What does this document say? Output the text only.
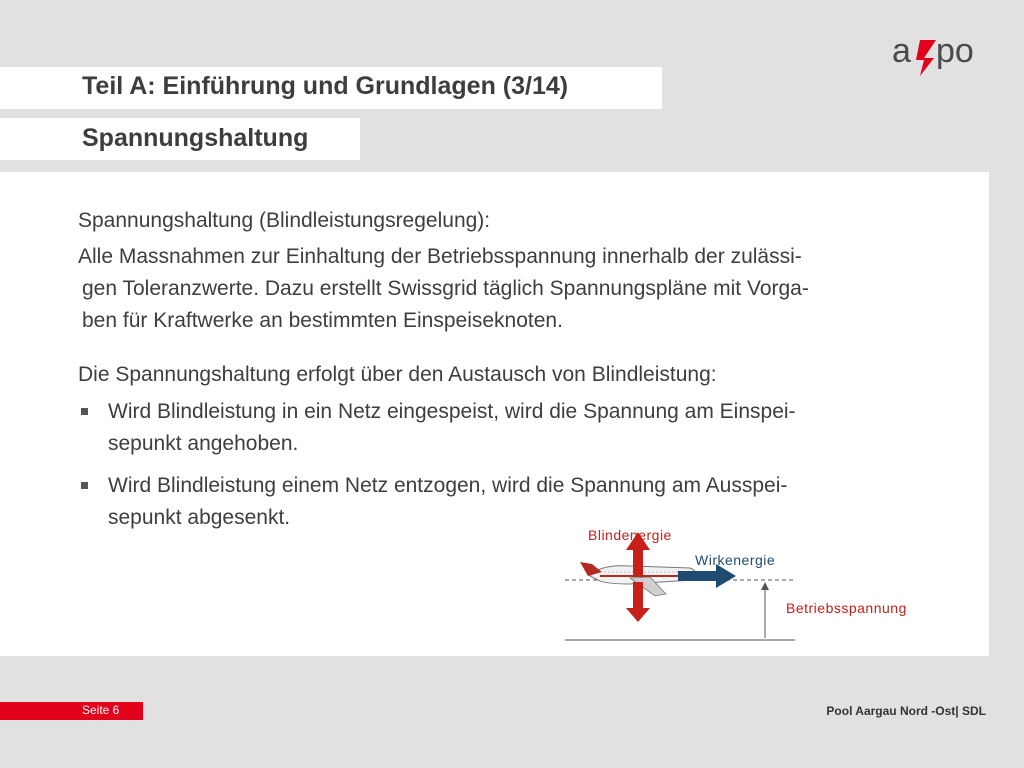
a po
Teil A: Einführung und Grundlagen (3/14)
Spannungshaltung
Spannungshaltung (Blindleistungsregelung):
Alle Massnahmen zur Einhaltung der Betriebsspannung innerhalb der zulässi-
gen Toleranzwerte. Dazu erstellt Swissgrid täglich Spannungspläne mit Vorga-
ben für Kraftwerke an bestimmten Einspeiseknoten.
Die Spannungshaltung erfolgt über den Austausch von Blindleistung:
Wird Blindleistung in ein Netz eingespeist, wird die Spannung am Einspei-
sepunkt angehoben.
Wird Blindleistung einem Netz entzogen, wird die Spannung am Ausspei-
sepunkt abgesenkt.
Blindenergie
Wirkenergie
Betriebsspannung
Seite 6	Pool Aargau Nord -Ost| SDL
